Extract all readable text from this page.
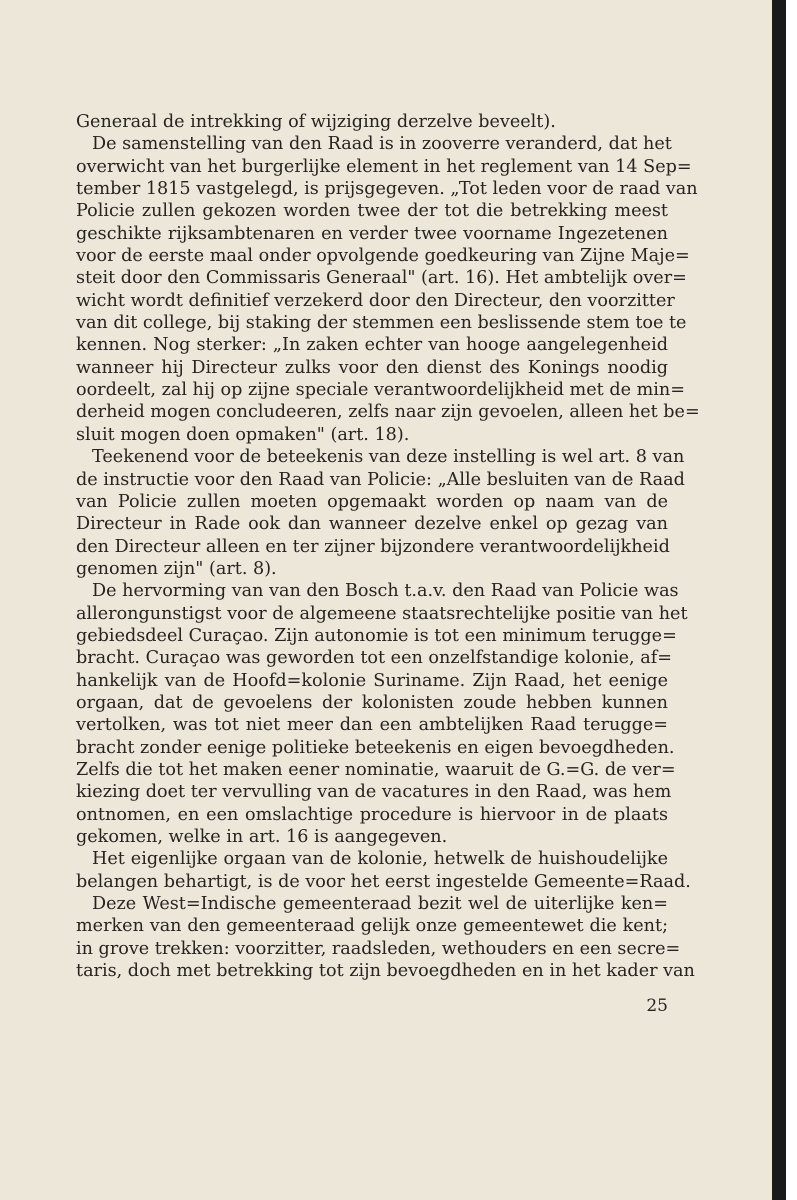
Generaal de intrekking of wijziging derzelve beveelt).
De samenstelling van den Raad is in zooverre veranderd, dat het
overwicht van het burgerlijke element in het reglement van 14 Sep=
tember 1815 vastgelegd, is prijsgegeven. „Tot leden voor de raad van
Policie zullen gekozen worden twee der tot die betrekking meest
geschikte rijksambtenaren en verder twee voorname Ingezetenen
voor de eerste maal onder opvolgende goedkeuring van Zijne Maje=
steit door den Commissaris Generaal" (art. 16). Het ambtelijk over=
wicht wordt definitief verzekerd door den Directeur, den voorzitter
van dit college, bij staking der stemmen een beslissende stem toe te
kennen. Nog sterker: „In zaken echter van hooge aangelegenheid
wanneer hij Directeur zulks voor den dienst des Konings noodig
oordeelt, zal hij op zijne speciale verantwoordelijkheid met de min=
derheid mogen concludeeren, zelfs naar zijn gevoelen, alleen het be=
sluit mogen doen opmaken" (art. 18).
Teekenend voor de beteekenis van deze instelling is wel art. 8 van
de instructie voor den Raad van Policie: „Alle besluiten van de Raad
van Policie zullen moeten opgemaakt worden op naam van de
Directeur in Rade ook dan wanneer dezelve enkel op gezag van
den Directeur alleen en ter zijner bijzondere verantwoordelijkheid
genomen zijn" (art. 8).
De hervorming van van den Bosch t.a.v. den Raad van Policie was
allerongunstigst voor de algemeene staatsrechtelijke positie van het
gebiedsdeel Curaçao. Zijn autonomie is tot een minimum terugge=
bracht. Curaçao was geworden tot een onzelfstandige kolonie, af=
hankelijk van de Hoofd=kolonie Suriname. Zijn Raad, het eenige
orgaan, dat de gevoelens der kolonisten zoude hebben kunnen
vertolken, was tot niet meer dan een ambtelijken Raad terugge=
bracht zonder eenige politieke beteekenis en eigen bevoegdheden.
Zelfs die tot het maken eener nominatie, waaruit de G.=G. de ver=
kiezing doet ter vervulling van de vacatures in den Raad, was hem
ontnomen, en een omslachtige procedure is hiervoor in de plaats
gekomen, welke in art. 16 is aangegeven.
Het eigenlijke orgaan van de kolonie, hetwelk de huishoudelijke
belangen behartigt, is de voor het eerst ingestelde Gemeente=Raad.
Deze West=Indische gemeenteraad bezit wel de uiterlijke ken=
merken van den gemeenteraad gelijk onze gemeentewet die kent;
in grove trekken: voorzitter, raadsleden, wethouders en een secre=
taris, doch met betrekking tot zijn bevoegdheden en in het kader van
25
